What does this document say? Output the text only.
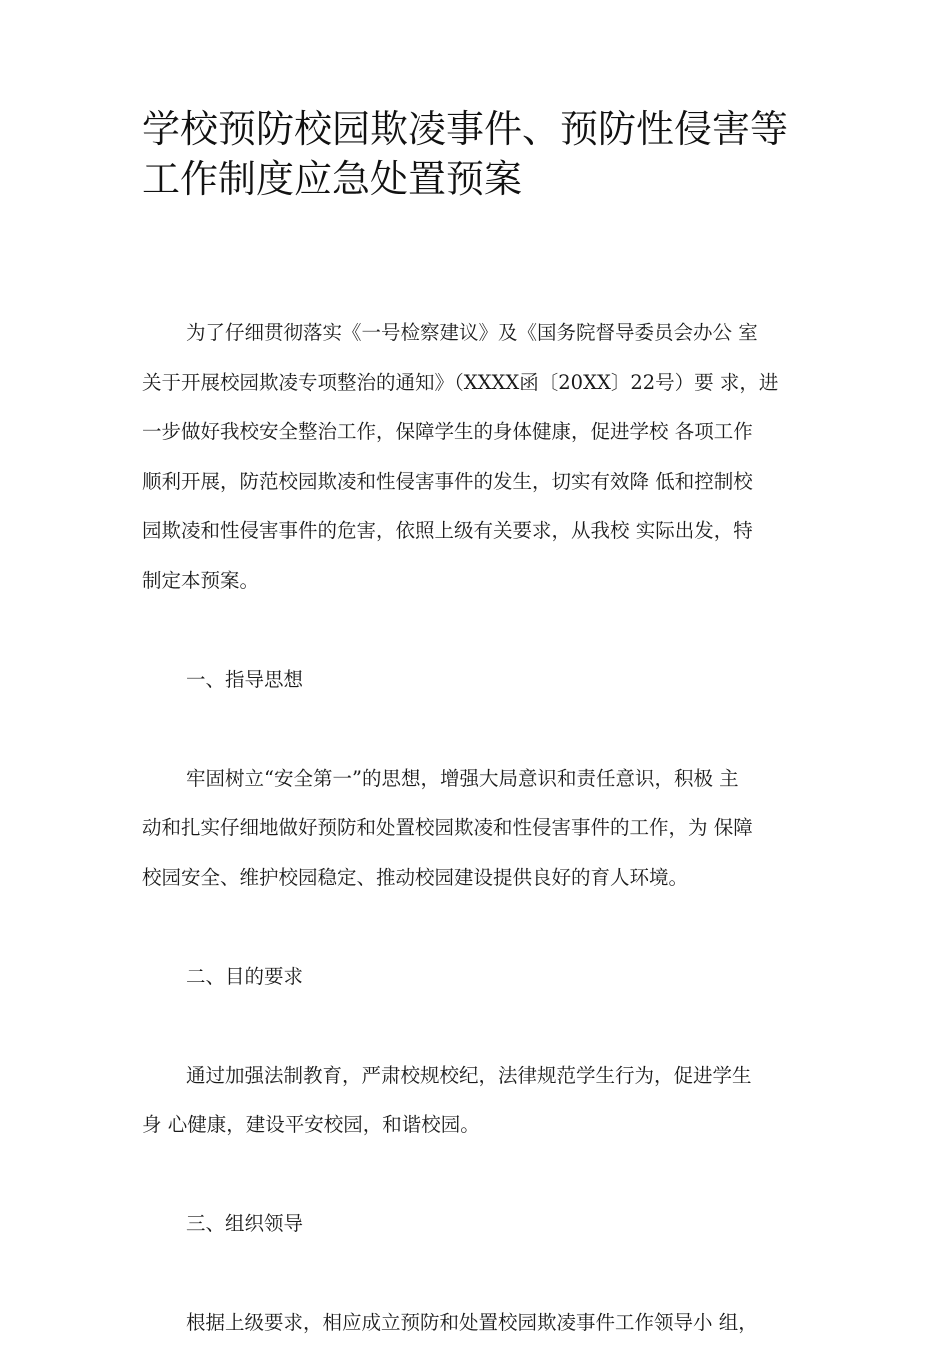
学校预防校园欺凌事件、预防性侵害等
工作制度应急处置预案

为了仔细贯彻落实《一号检察建议》及《国务院督导委员会办公 室
关于开展校园欺凌专项整治的通知》（XXXX函〔20XX〕22号）要 求，进
一步做好我校安全整治工作，保障学生的身体健康，促进学校 各项工作
顺利开展，防范校园欺凌和性侵害事件的发生，切实有效降 低和控制校
园欺凌和性侵害事件的危害，依照上级有关要求，从我校 实际出发，特
制定本预案。

一、指导思想

牢固树立“安全第一”的思想，增强大局意识和责任意识，积极 主
动和扎实仔细地做好预防和处置校园欺凌和性侵害事件的工作，为 保障
校园安全、维护校园稳定、推动校园建设提供良好的育人环境。

二、目的要求

通过加强法制教育，严肃校规校纪，法律规范学生行为，促进学生
身 心健康，建设平安校园，和谐校园。

三、组织领导

根据上级要求，相应成立预防和处置校园欺凌事件工作领导小 组，
